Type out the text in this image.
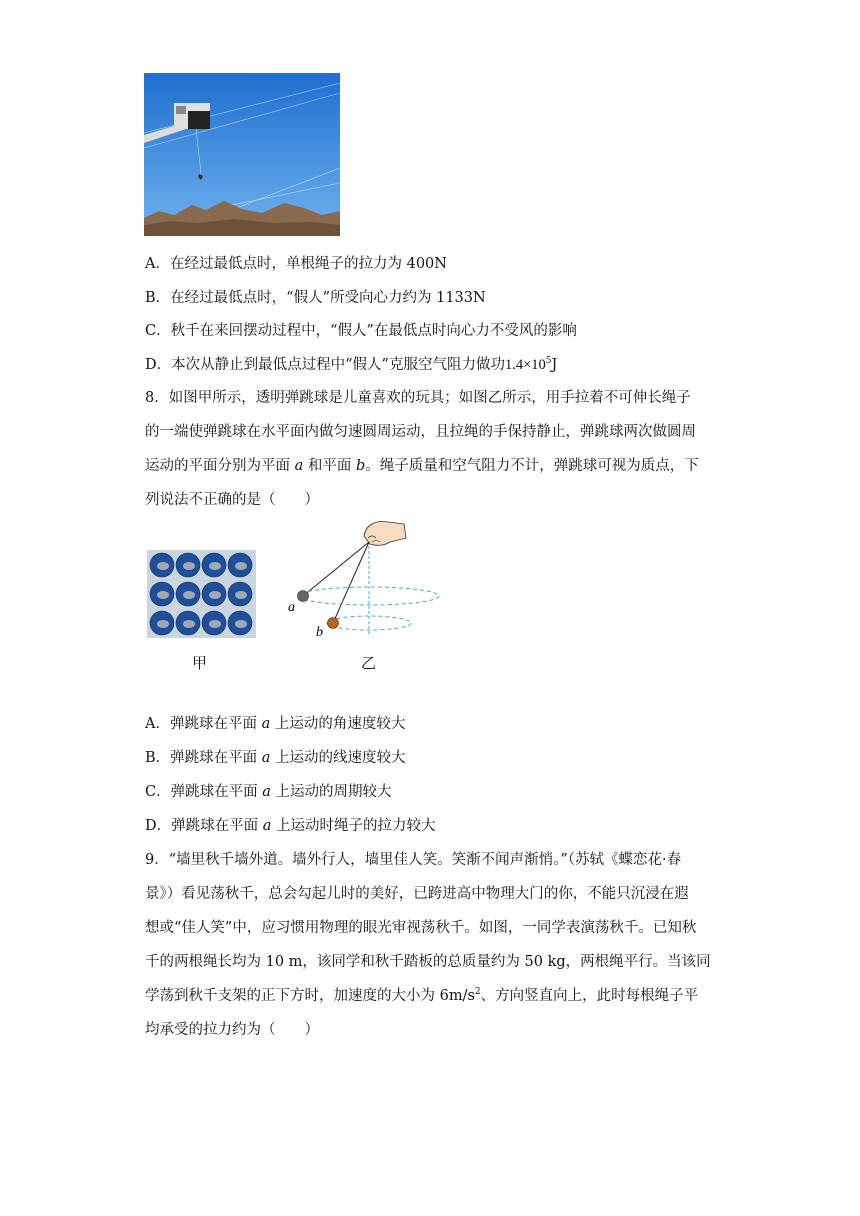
A．在经过最低点时，单根绳子的拉力为 400N
B．在经过最低点时，“假人”所受向心力约为 1133N
C．秋千在来回摆动过程中，“假人”在最低点时向心力不受风的影响
D．本次从静止到最低点过程中“假人”克服空气阻力做功$1.4\times 10^5J$
8．如图甲所示，透明弹跳球是儿童喜欢的玩具；如图乙所示，用手拉着不可伸长绳子
的一端使弹跳球在水平面内做匀速圆周运动，且拉绳的手保持静止，弹跳球两次做圆周
运动的平面分别为平面 a 和平面 b。绳子质量和空气阻力不计，弹跳球可视为质点，下
列说法不正确的是（　　）
甲
a
b
乙
A．弹跳球在平面 a 上运动的角速度较大
B．弹跳球在平面 a 上运动的线速度较大
C．弹跳球在平面 a 上运动的周期较大
D．弹跳球在平面 a 上运动时绳子的拉力较大
9．“墙里秋千墙外道。墙外行人，墙里佳人笑。笑渐不闻声渐悄。”（苏轼《蝶恋花·春
景》）看见荡秋千，总会勾起儿时的美好，已跨进高中物理大门的你，不能只沉浸在遐
想或“佳人笑”中，应习惯用物理的眼光审视荡秋千。如图，一同学表演荡秋千。已知秋
千的两根绳长均为 10 m，该同学和秋千踏板的总质量约为 50 kg，两根绳平行。当该同
学荡到秋千支架的正下方时，加速度的大小为 $6m/s^2$、方向竖直向上，此时每根绳子平
均承受的拉力约为（　　）
